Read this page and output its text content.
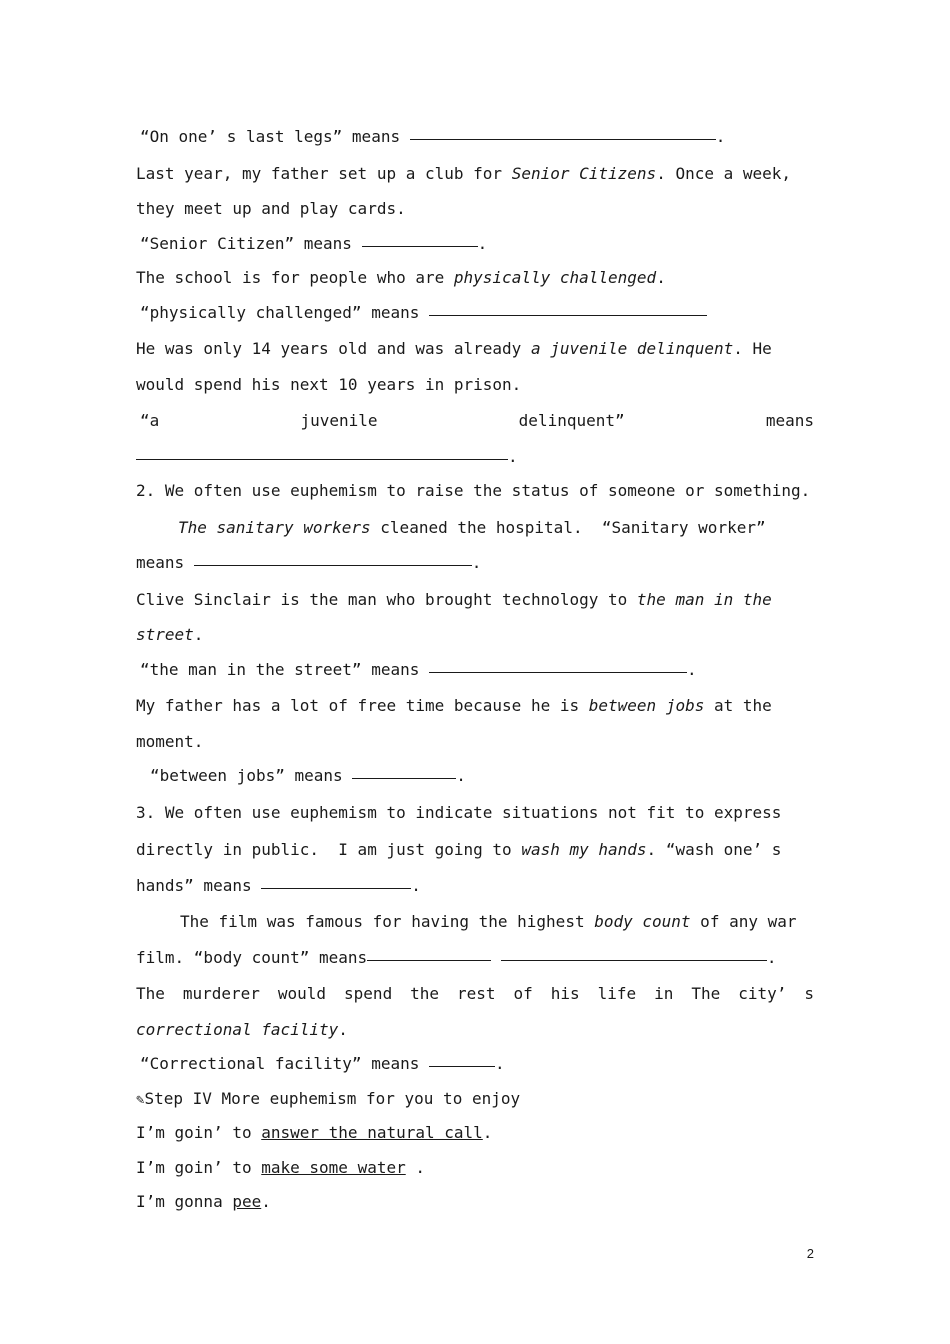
“On one’ s last legs” means	.
Last year, my father set up a club for Senior Citizens. Once a week,
they meet up and play cards.
“Senior Citizen” means	.
The school is for people who are physically challenged.
“physically challenged” means
He was only 14 years old and was already a juvenile delinquent. He
would spend his next 10 years in prison.
“a	juvenile	delinquent”	means
.
2. We often use euphemism to raise the status of someone or something.
The sanitary workers cleaned the hospital.  “Sanitary worker”
means	.
Clive Sinclair is the man who brought technology to the man in the
street.
“the man in the street” means	.
My father has a lot of free time because he is between jobs at the
moment.
“between jobs” means	.
3. We often use euphemism to indicate situations not fit to express
directly in public.  I am just going to wash my hands. “wash one’ s
hands” means	.
The film was famous for having the highest body count of any war
film. “body count” means	.
The murderer would spend the rest of his life in The city’ s
correctional facility.
“Correctional facility” means	.
✎Step IV More euphemism for you to enjoy
I’m goin’ to answer the natural call.
I’m goin’ to make some water .
I’m gonna pee.
2
